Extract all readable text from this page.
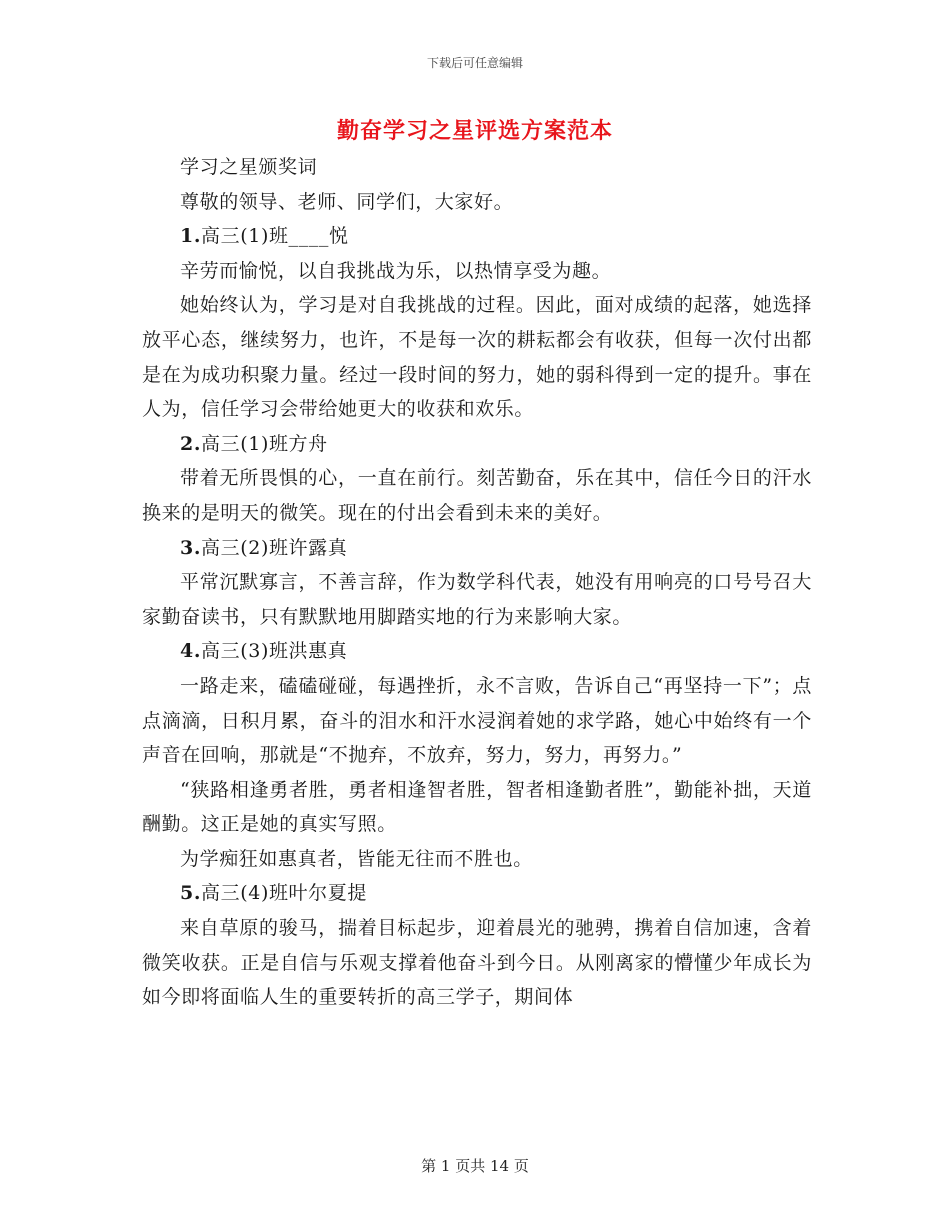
下载后可任意编辑
勤奋学习之星评选方案范本

学习之星颁奖词

尊敬的领导、老师、同学们，大家好。

1.高三(1)班____悦

辛劳而愉悦，以自我挑战为乐，以热情享受为趣。

她始终认为，学习是对自我挑战的过程。因此，面对成绩的起落，她选择放平心态，继续努力，也许，不是每一次的耕耘都会有收获，但每一次付出都是在为成功积聚力量。经过一段时间的努力，她的弱科得到一定的提升。事在人为，信任学习会带给她更大的收获和欢乐。

2.高三(1)班方舟

带着无所畏惧的心，一直在前行。刻苦勤奋，乐在其中，信任今日的汗水换来的是明天的微笑。现在的付出会看到未来的美好。

3.高三(2)班许露真

平常沉默寡言，不善言辞，作为数学科代表，她没有用响亮的口号号召大家勤奋读书，只有默默地用脚踏实地的行为来影响大家。

4.高三(3)班洪惠真

一路走来，磕磕碰碰，每遇挫折，永不言败，告诉自己“再坚持一下”；点点滴滴，日积月累，奋斗的泪水和汗水浸润着她的求学路，她心中始终有一个声音在回响，那就是“不抛弃，不放弃，努力，努力，再努力。”

“狭路相逢勇者胜，勇者相逢智者胜，智者相逢勤者胜”，勤能补拙，天道酬勤。这正是她的真实写照。

为学痴狂如惠真者，皆能无往而不胜也。

5.高三(4)班叶尔夏提

来自草原的骏马，揣着目标起步，迎着晨光的驰骋，携着自信加速，含着微笑收获。正是自信与乐观支撑着他奋斗到今日。从刚离家的懵懂少年成长为如今即将面临人生的重要转折的高三学子，期间体

第 1 页共 14 页
